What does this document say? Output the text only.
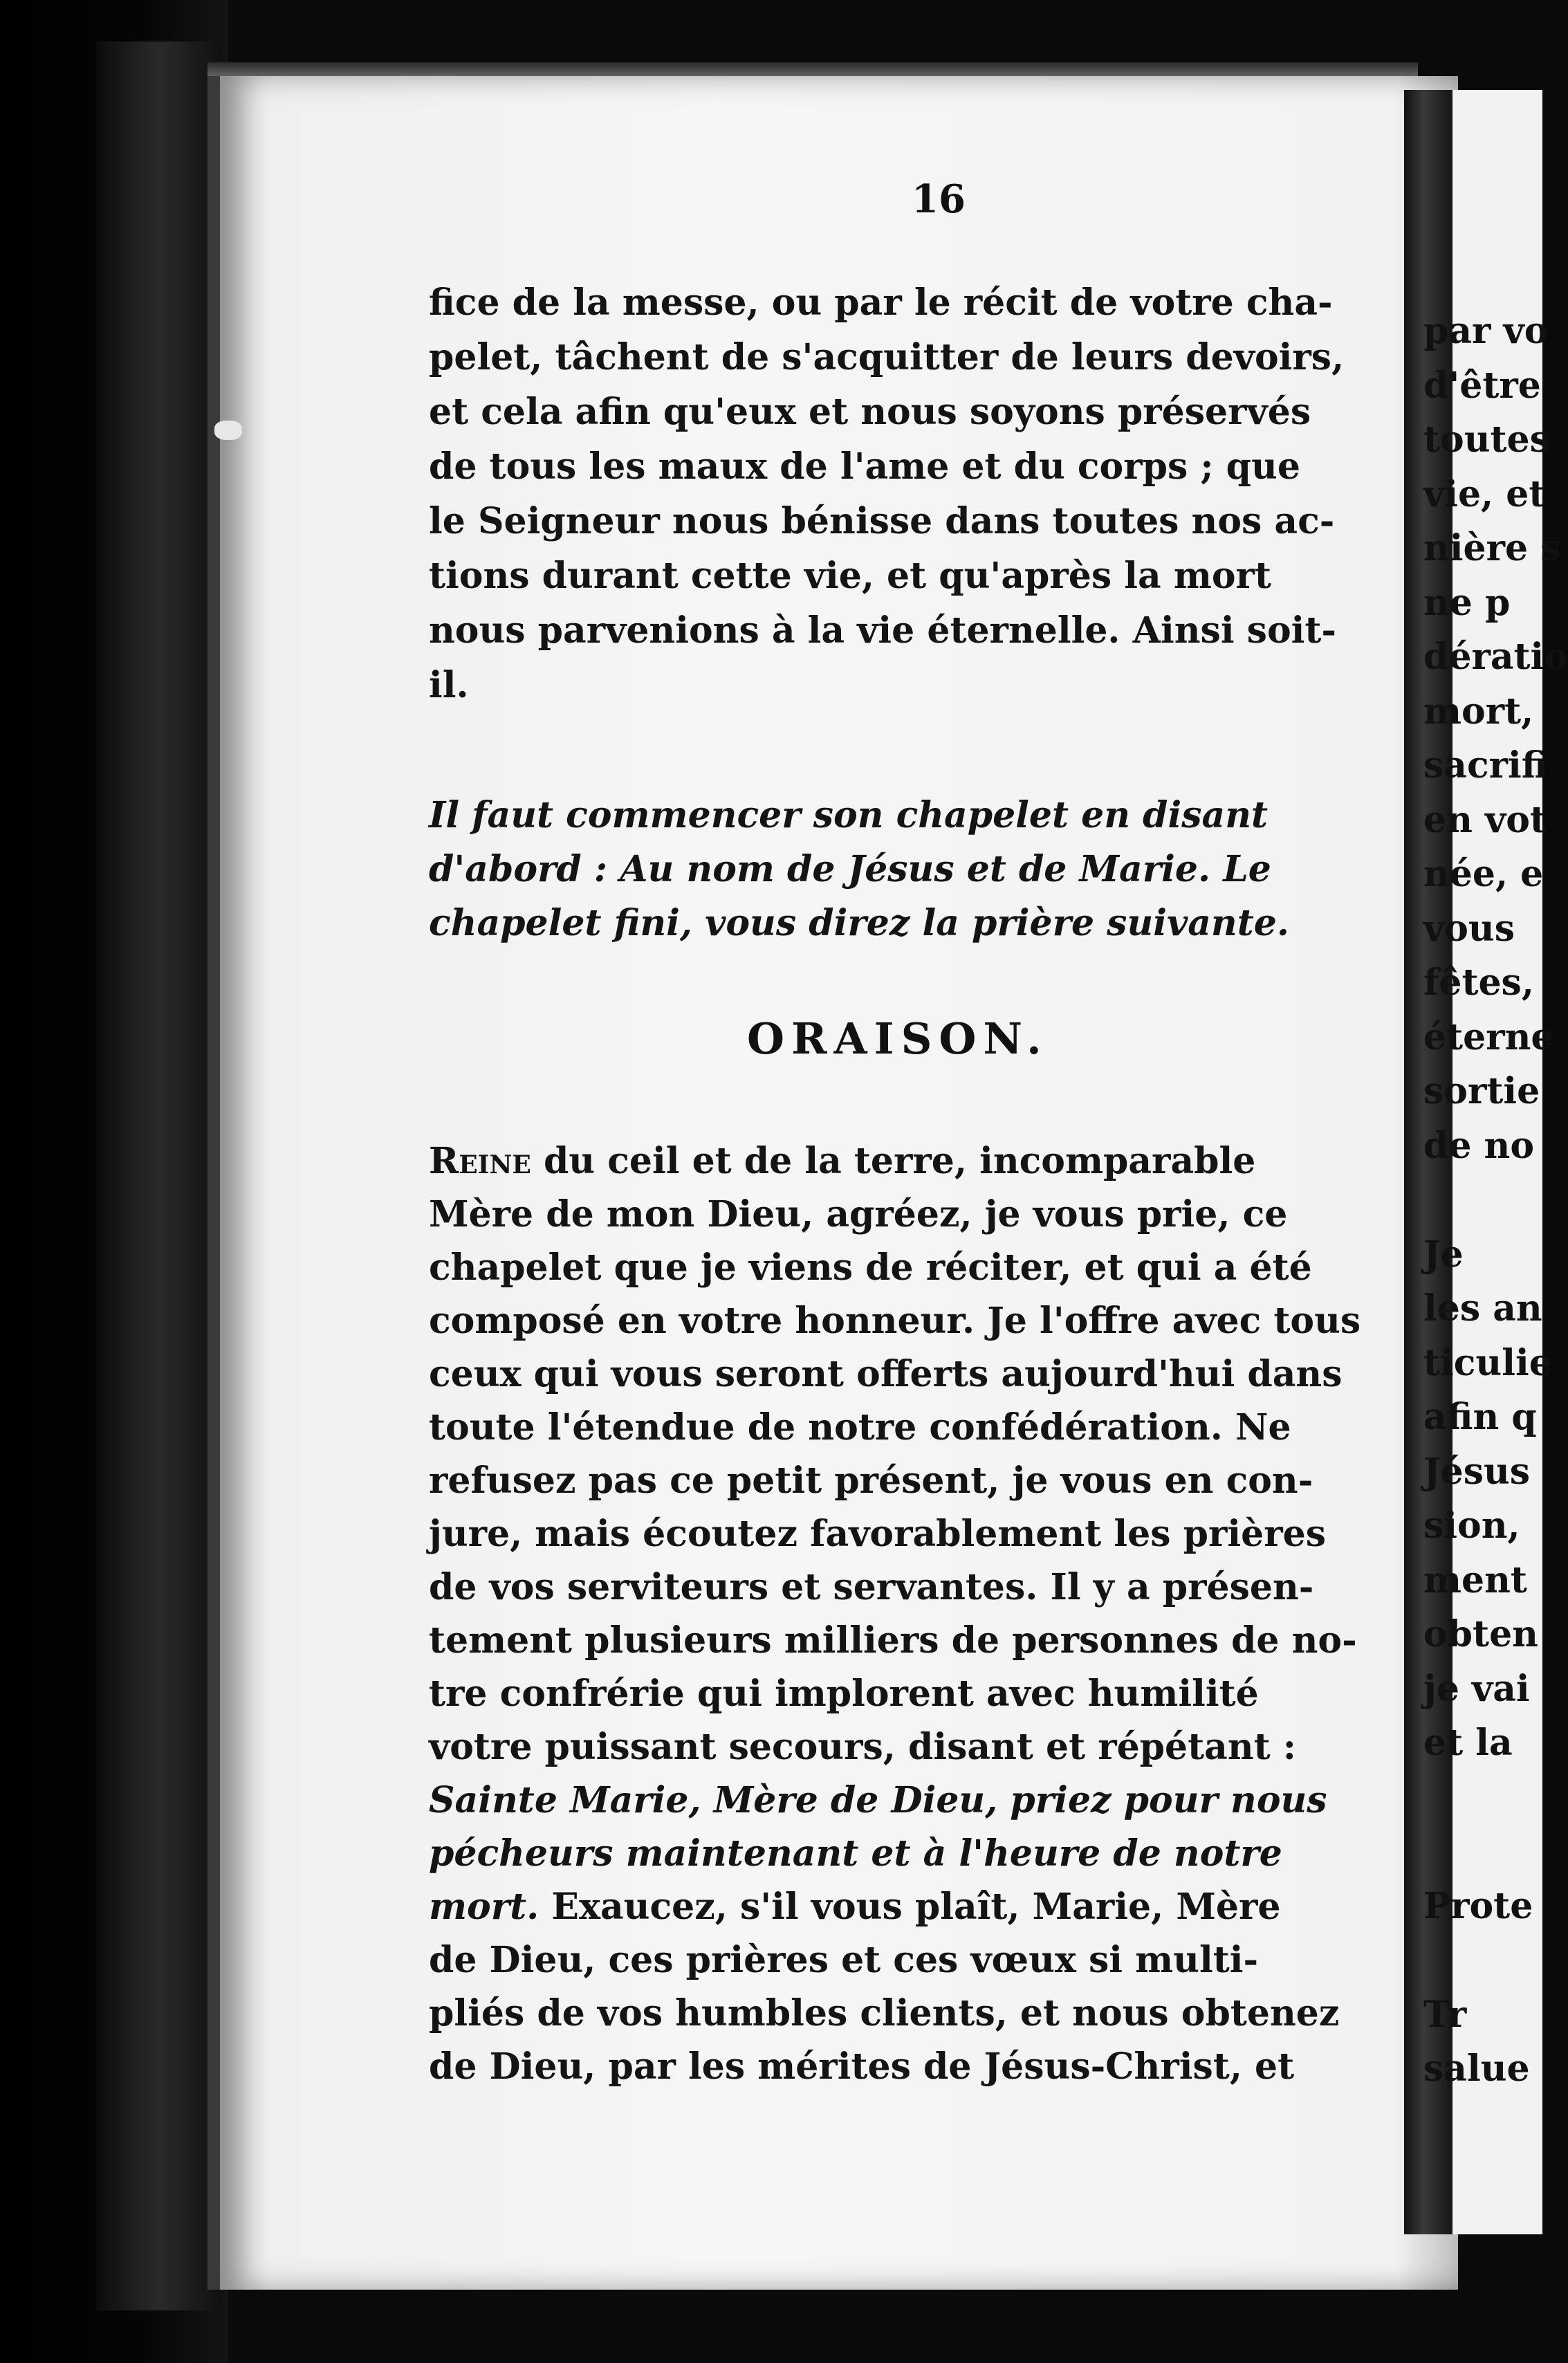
16
fice de la messe, ou par le récit de votre cha-
pelet, tâchent de s'acquitter de leurs devoirs,
et cela afin qu'eux et nous soyons préservés
de tous les maux de l'ame et du corps ; que
le Seigneur nous bénisse dans toutes nos ac-
tions durant cette vie, et qu'après la mort
nous parvenions à la vie éternelle. Ainsi soit-
il.
Il faut commencer son chapelet en disant
d'abord : Au nom de Jésus et de Marie. Le
chapelet fini, vous direz la prière suivante.
ORAISON.
Reine du ceil et de la terre, incomparable
Mère de mon Dieu, agréez, je vous prie, ce
chapelet que je viens de réciter, et qui a été
composé en votre honneur. Je l'offre avec tous
ceux qui vous seront offerts aujourd'hui dans
toute l'étendue de notre confédération. Ne
refusez pas ce petit présent, je vous en con-
jure, mais écoutez favorablement les prières
de vos serviteurs et servantes. Il y a présen-
tement plusieurs milliers de personnes de no-
tre confrérie qui implorent avec humilité
votre puissant secours, disant et répétant :
Sainte Marie, Mère de Dieu, priez pour nous
pécheurs maintenant et à l'heure de notre
mort. Exaucez, s'il vous plaît, Marie, Mère
de Dieu, ces prières et ces vœux si multi-
pliés de vos humbles clients, et nous obtenez
de Dieu, par les mérites de Jésus-Christ, et
par vo
d'être
toutes
vie, et
nière s
ne p
dératio
mort,
sacrifi
en vot
née, e
vous
fêtes,
éterne
sortie
de no
Je
les an
ticulie
afin q
Jésus
sion,
ment
obten
je vai
et la
Prote
Tr
salue
